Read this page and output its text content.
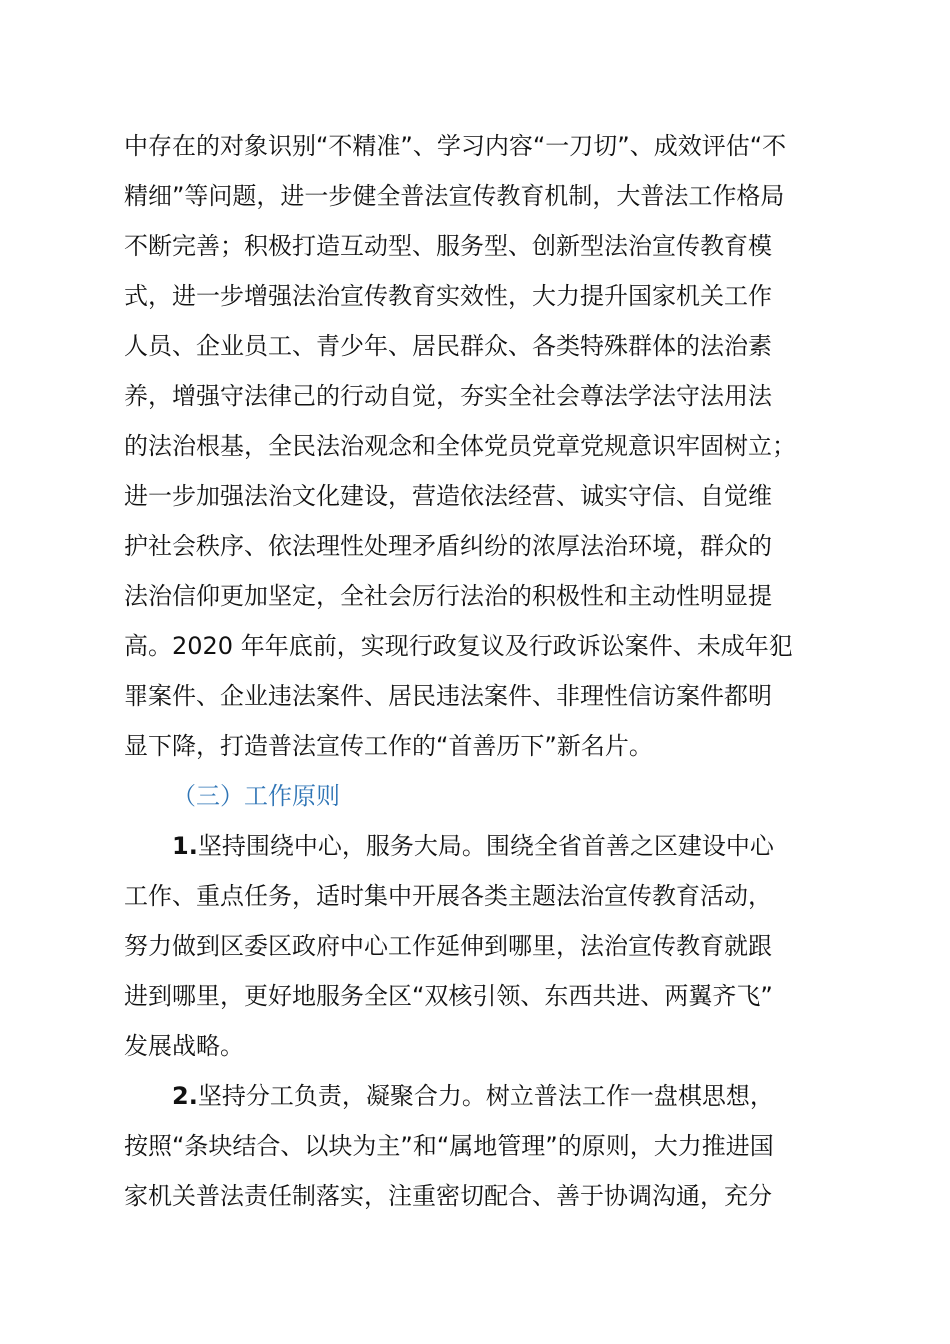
中存在的对象识别“不精准”、学习内容“一刀切”、成效评估“不
精细”等问题，进一步健全普法宣传教育机制，大普法工作格局
不断完善；积极打造互动型、服务型、创新型法治宣传教育模
式，进一步增强法治宣传教育实效性，大力提升国家机关工作
人员、企业员工、青少年、居民群众、各类特殊群体的法治素
养，增强守法律己的行动自觉，夯实全社会尊法学法守法用法
的法治根基，全民法治观念和全体党员党章党规意识牢固树立；
进一步加强法治文化建设，营造依法经营、诚实守信、自觉维
护社会秩序、依法理性处理矛盾纠纷的浓厚法治环境，群众的
法治信仰更加坚定，全社会厉行法治的积极性和主动性明显提
高。2020 年年底前，实现行政复议及行政诉讼案件、未成年犯
罪案件、企业违法案件、居民违法案件、非理性信访案件都明
显下降，打造普法宣传工作的“首善历下”新名片。
（三）工作原则
1.坚持围绕中心，服务大局。围绕全省首善之区建设中心
工作、重点任务，适时集中开展各类主题法治宣传教育活动，
努力做到区委区政府中心工作延伸到哪里，法治宣传教育就跟
进到哪里，更好地服务全区“双核引领、东西共进、两翼齐飞”
发展战略。
2.坚持分工负责，凝聚合力。树立普法工作一盘棋思想，
按照“条块结合、以块为主”和“属地管理”的原则，大力推进国
家机关普法责任制落实，注重密切配合、善于协调沟通，充分
